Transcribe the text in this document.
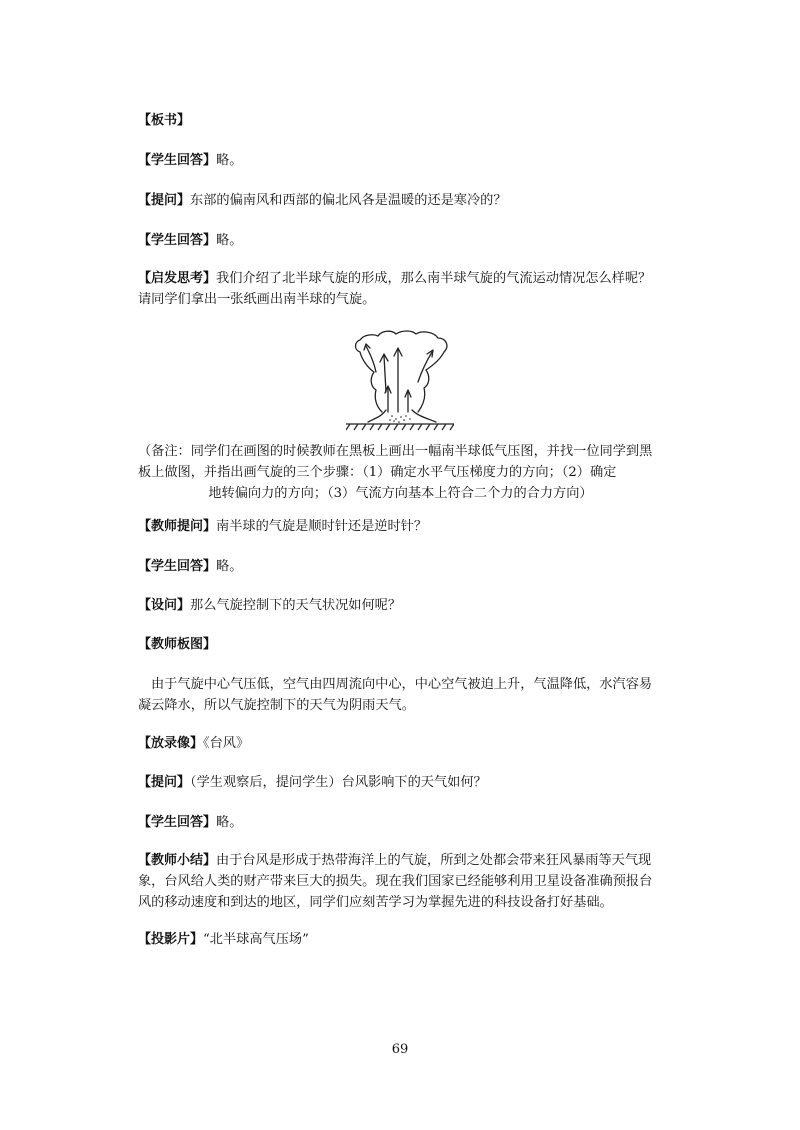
【板书】
【学生回答】略。
【提问】东部的偏南风和西部的偏北风各是温暖的还是寒冷的？
【学生回答】略。
【启发思考】我们介绍了北半球气旋的形成，那么南半球气旋的气流运动情况怎么样呢？请同学们拿出一张纸画出南半球的气旋。
（备注：同学们在画图的时候教师在黑板上画出一幅南半球低气压图，并找一位同学到黑板上做图，并指出画气旋的三个步骤：（1）确定水平气压梯度力的方向；（2）确定
地转偏向力的方向；（3）气流方向基本上符合二个力的合力方向）
【教师提问】南半球的气旋是顺时针还是逆时针？
【学生回答】略。
【设问】那么气旋控制下的天气状况如何呢？
【教师板图】
由于气旋中心气压低，空气由四周流向中心，中心空气被迫上升，气温降低，水汽容易凝云降水，所以气旋控制下的天气为阴雨天气。
【放录像】《台风》
【提问】（学生观察后，提问学生）台风影响下的天气如何？
【学生回答】略。
【教师小结】由于台风是形成于热带海洋上的气旋，所到之处都会带来狂风暴雨等天气现象，台风给人类的财产带来巨大的损失。现在我们国家已经能够利用卫星设备准确预报台风的移动速度和到达的地区，同学们应刻苦学习为掌握先进的科技设备打好基础。
【投影片】“北半球高气压场”
69
